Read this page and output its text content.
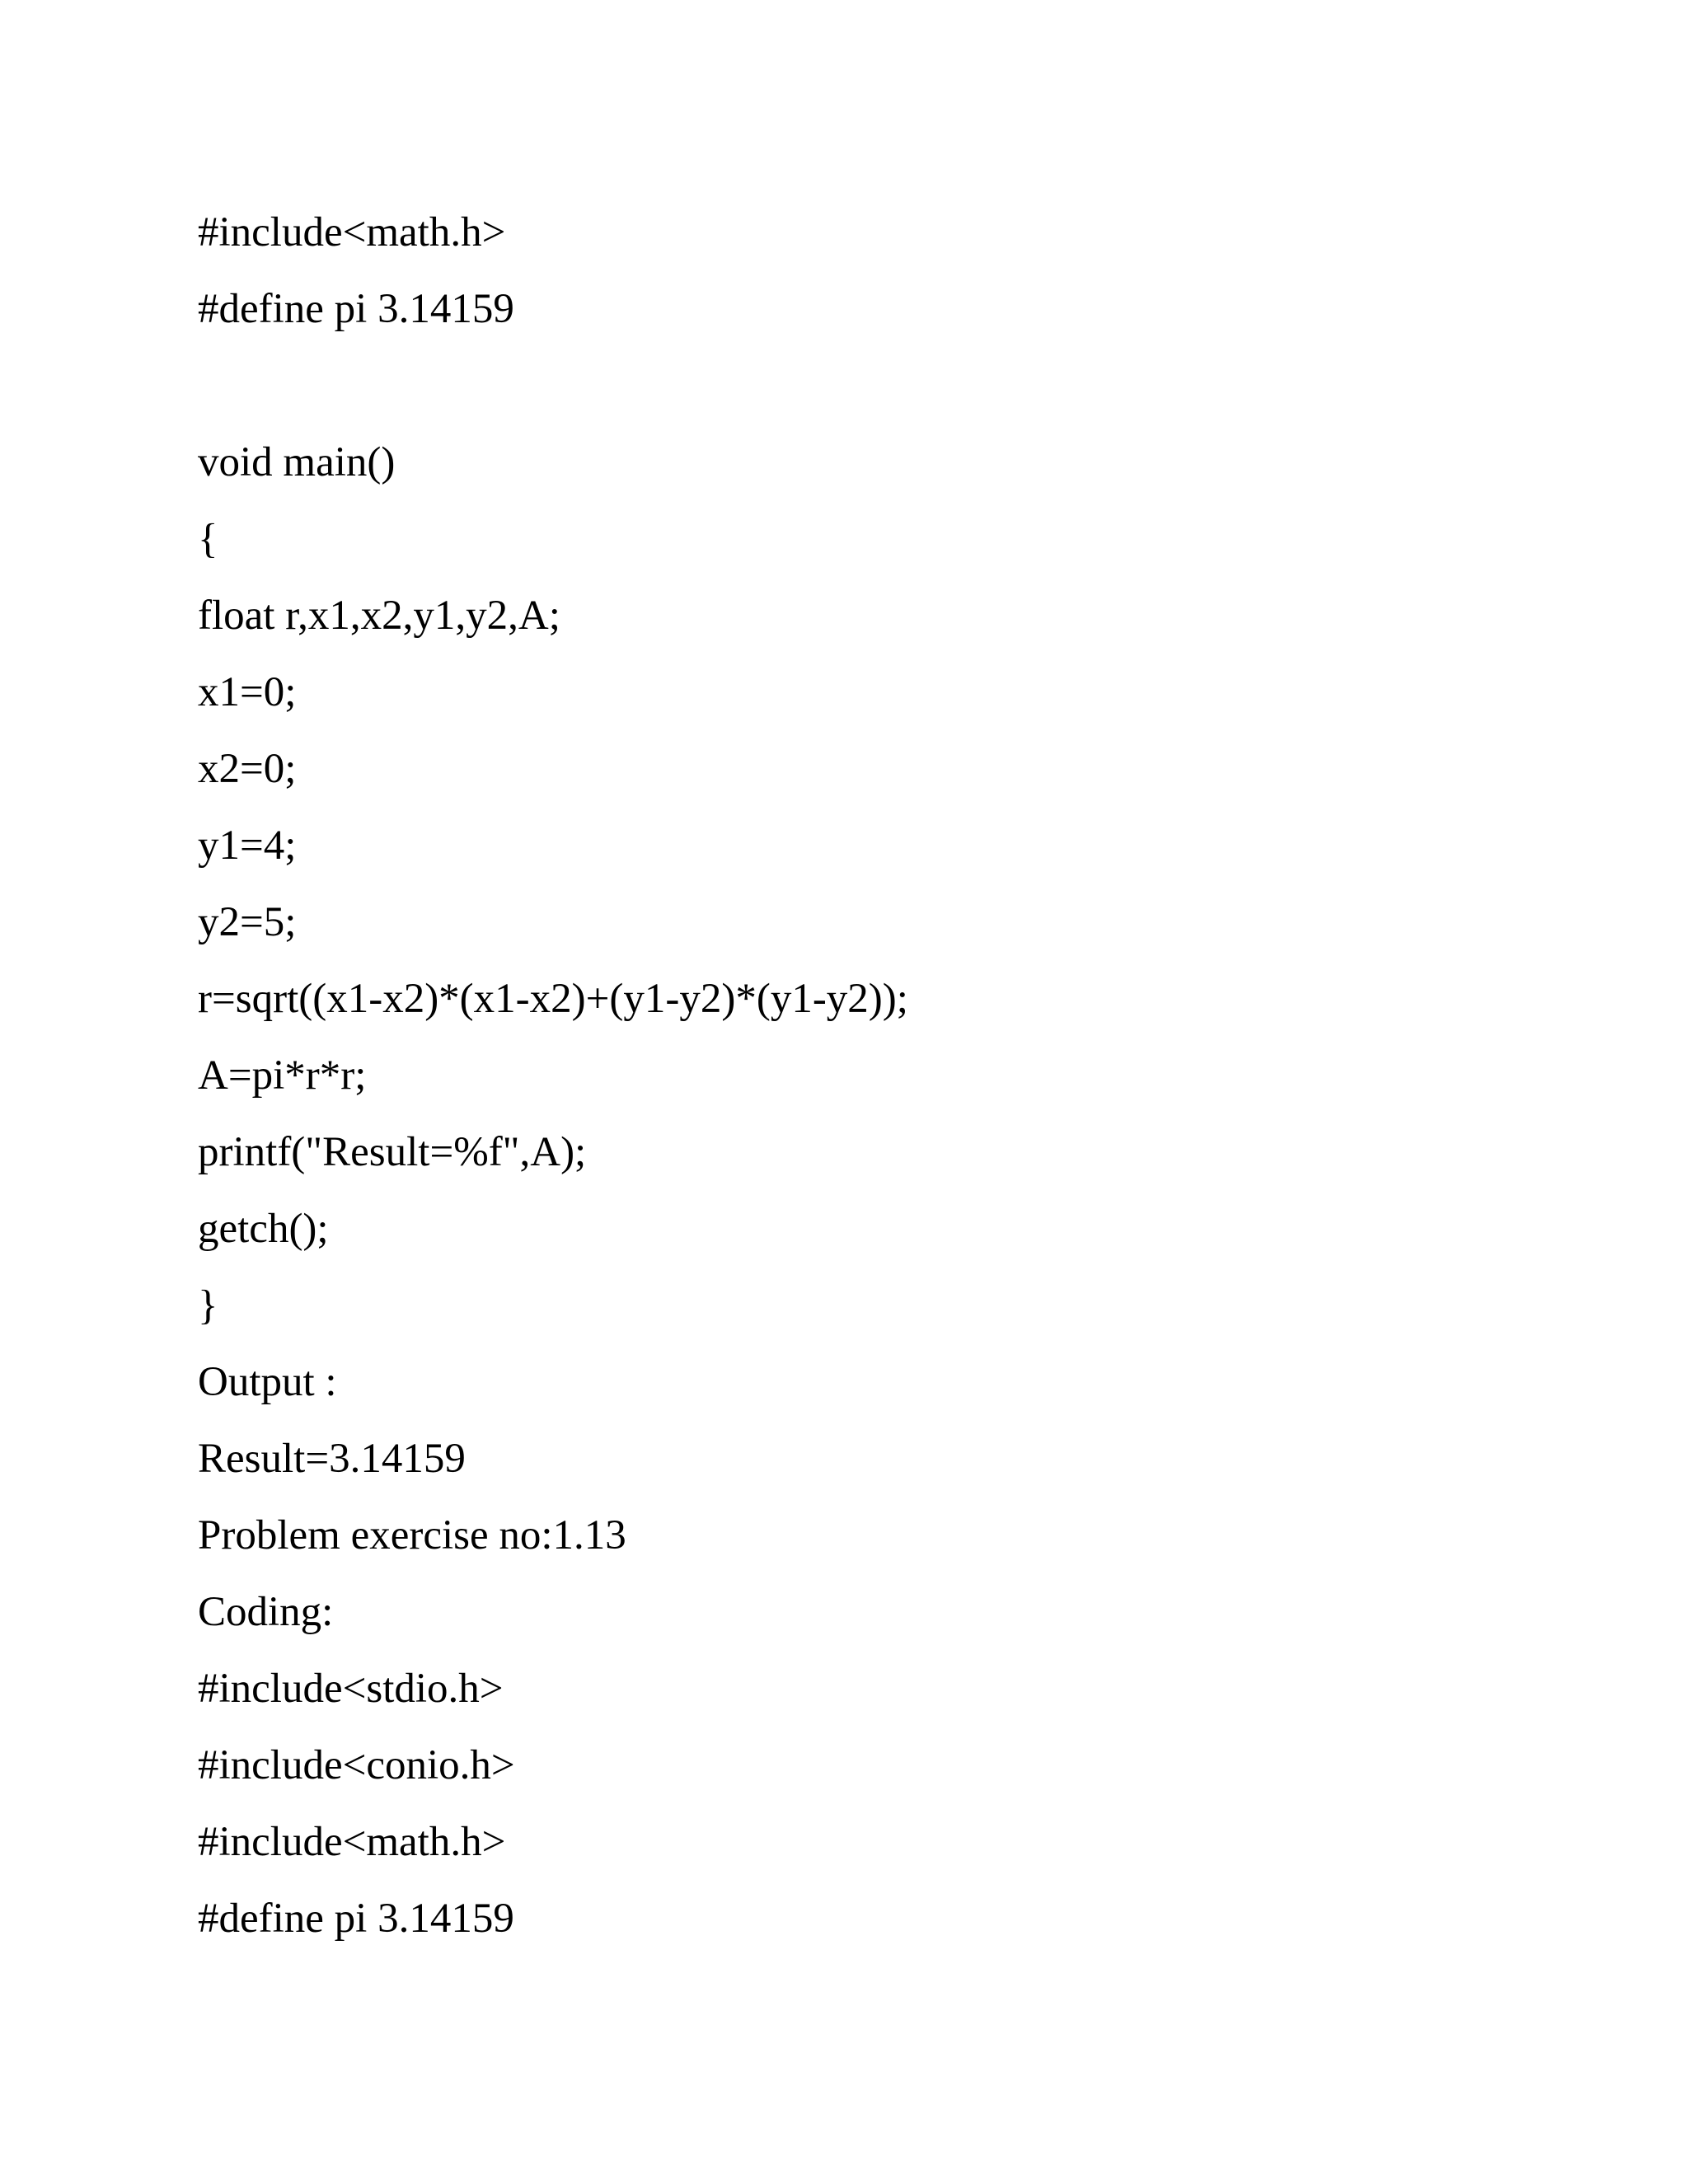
#include<math.h>

#define pi 3.14159

void main()

{

float r,x1,x2,y1,y2,A;

x1=0;

x2=0;

y1=4;

y2=5;

r=sqrt((x1-x2)*(x1-x2)+(y1-y2)*(y1-y2));

A=pi*r*r;

printf("Result=%f",A);

getch();

}

Output :

Result=3.14159

Problem exercise no:1.13

Coding:

#include<stdio.h>

#include<conio.h>

#include<math.h>

#define pi 3.14159
